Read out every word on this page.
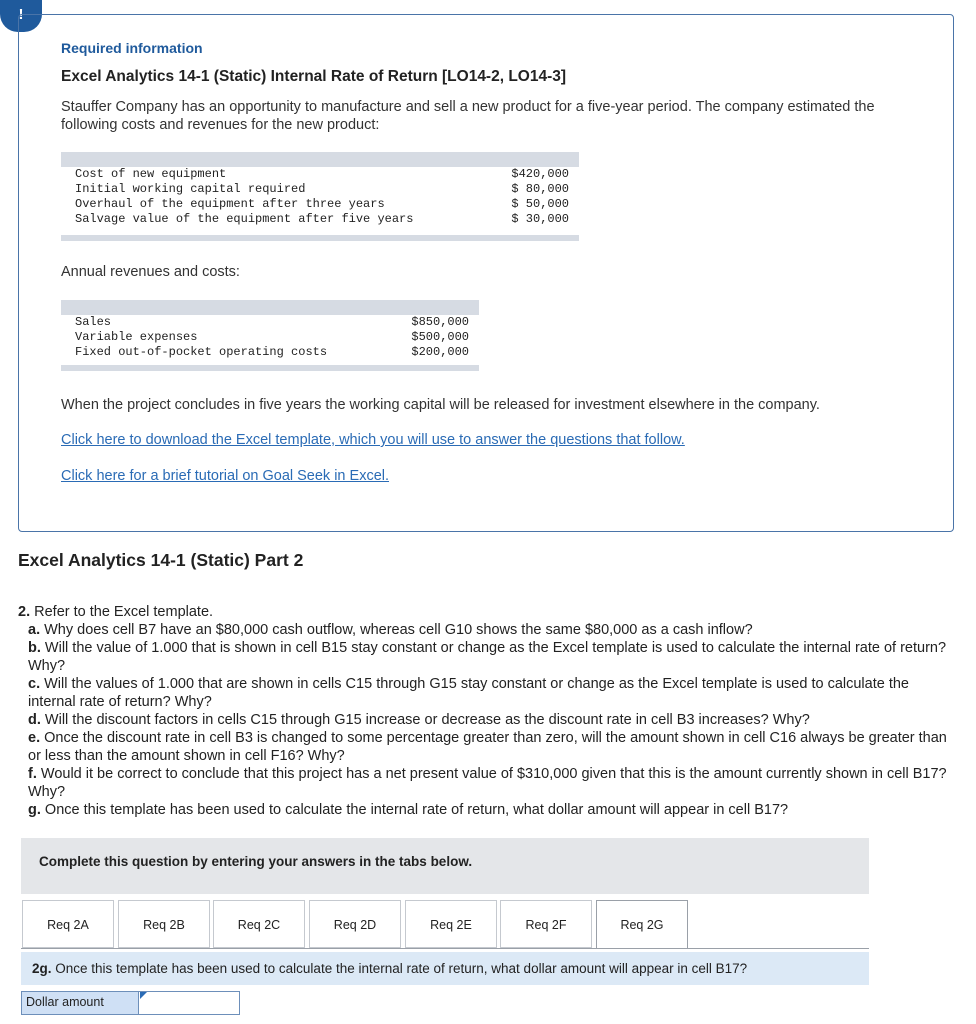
!
Required information
Excel Analytics 14-1 (Static) Internal Rate of Return [LO14-2, LO14-3]
Stauffer Company has an opportunity to manufacture and sell a new product for a five-year period. The company estimated the following costs and revenues for the new product:
Cost of new equipment	$420,000
Initial working capital required	$ 80,000
Overhaul of the equipment after three years	$ 50,000
Salvage value of the equipment after five years	$ 30,000
Annual revenues and costs:
Sales	$850,000
Variable expenses	$500,000
Fixed out-of-pocket operating costs	$200,000
When the project concludes in five years the working capital will be released for investment elsewhere in the company.
Click here to download the Excel template, which you will use to answer the questions that follow.
Click here for a brief tutorial on Goal Seek in Excel.
Excel Analytics 14-1 (Static) Part 2
2. Refer to the Excel template.
a. Why does cell B7 have an $80,000 cash outflow, whereas cell G10 shows the same $80,000 as a cash inflow?
b. Will the value of 1.000 that is shown in cell B15 stay constant or change as the Excel template is used to calculate the internal rate of return? Why?
c. Will the values of 1.000 that are shown in cells C15 through G15 stay constant or change as the Excel template is used to calculate the internal rate of return? Why?
d. Will the discount factors in cells C15 through G15 increase or decrease as the discount rate in cell B3 increases? Why?
e. Once the discount rate in cell B3 is changed to some percentage greater than zero, will the amount shown in cell C16 always be greater than or less than the amount shown in cell F16? Why?
f. Would it be correct to conclude that this project has a net present value of $310,000 given that this is the amount currently shown in cell B17? Why?
g. Once this template has been used to calculate the internal rate of return, what dollar amount will appear in cell B17?
Complete this question by entering your answers in the tabs below.
Req 2A	Req 2B	Req 2C	Req 2D	Req 2E	Req 2F	Req 2G
2g. Once this template has been used to calculate the internal rate of return, what dollar amount will appear in cell B17?
Dollar amount
